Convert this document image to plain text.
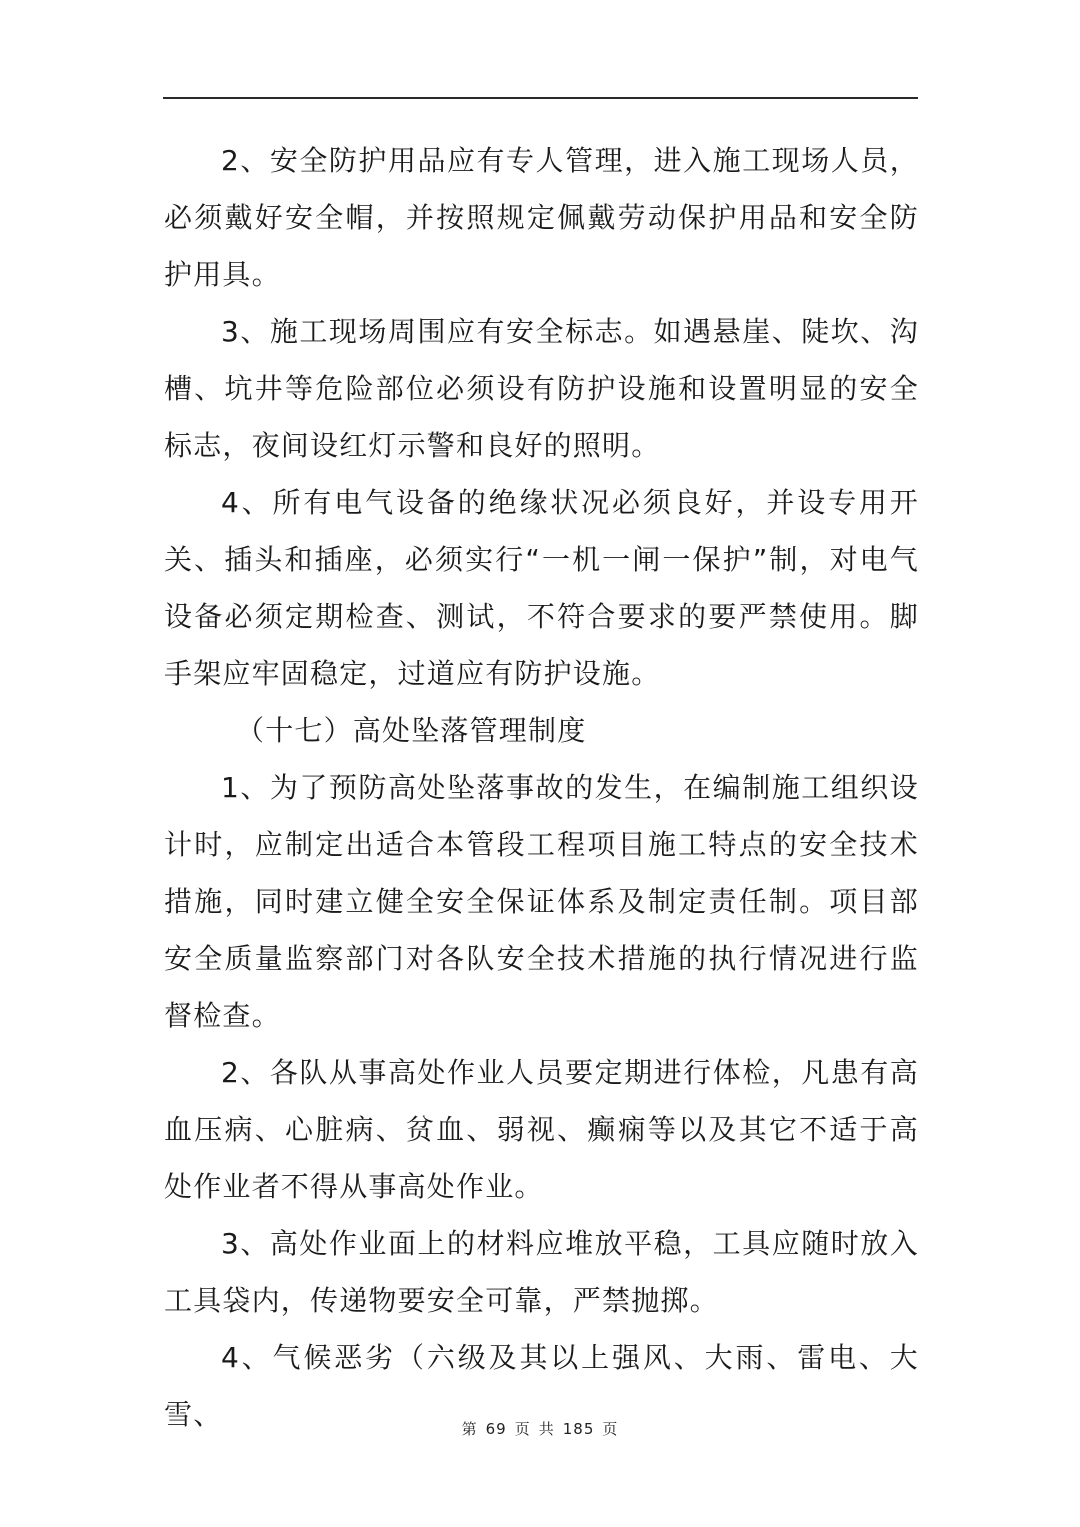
2、安全防护用品应有专人管理，进入施工现场人员，必须戴好安全帽，并按照规定佩戴劳动保护用品和安全防护用具。

3、施工现场周围应有安全标志。如遇悬崖、陡坎、沟槽、坑井等危险部位必须设有防护设施和设置明显的安全标志，夜间设红灯示警和良好的照明。

4、所有电气设备的绝缘状况必须良好，并设专用开关、插头和插座，必须实行“一机一闸一保护”制，对电气设备必须定期检查、测试，不符合要求的要严禁使用。脚手架应牢固稳定，过道应有防护设施。

（十七）高处坠落管理制度

1、为了预防高处坠落事故的发生，在编制施工组织设计时，应制定出适合本管段工程项目施工特点的安全技术措施，同时建立健全安全保证体系及制定责任制。项目部安全质量监察部门对各队安全技术措施的执行情况进行监督检查。

2、各队从事高处作业人员要定期进行体检，凡患有高血压病、心脏病、贫血、弱视、癫痫等以及其它不适于高处作业者不得从事高处作业。

3、高处作业面上的材料应堆放平稳，工具应随时放入工具袋内，传递物要安全可靠，严禁抛掷。

4、气候恶劣（六级及其以上强风、大雨、雷电、大雪、	第 69 页 共 185 页
